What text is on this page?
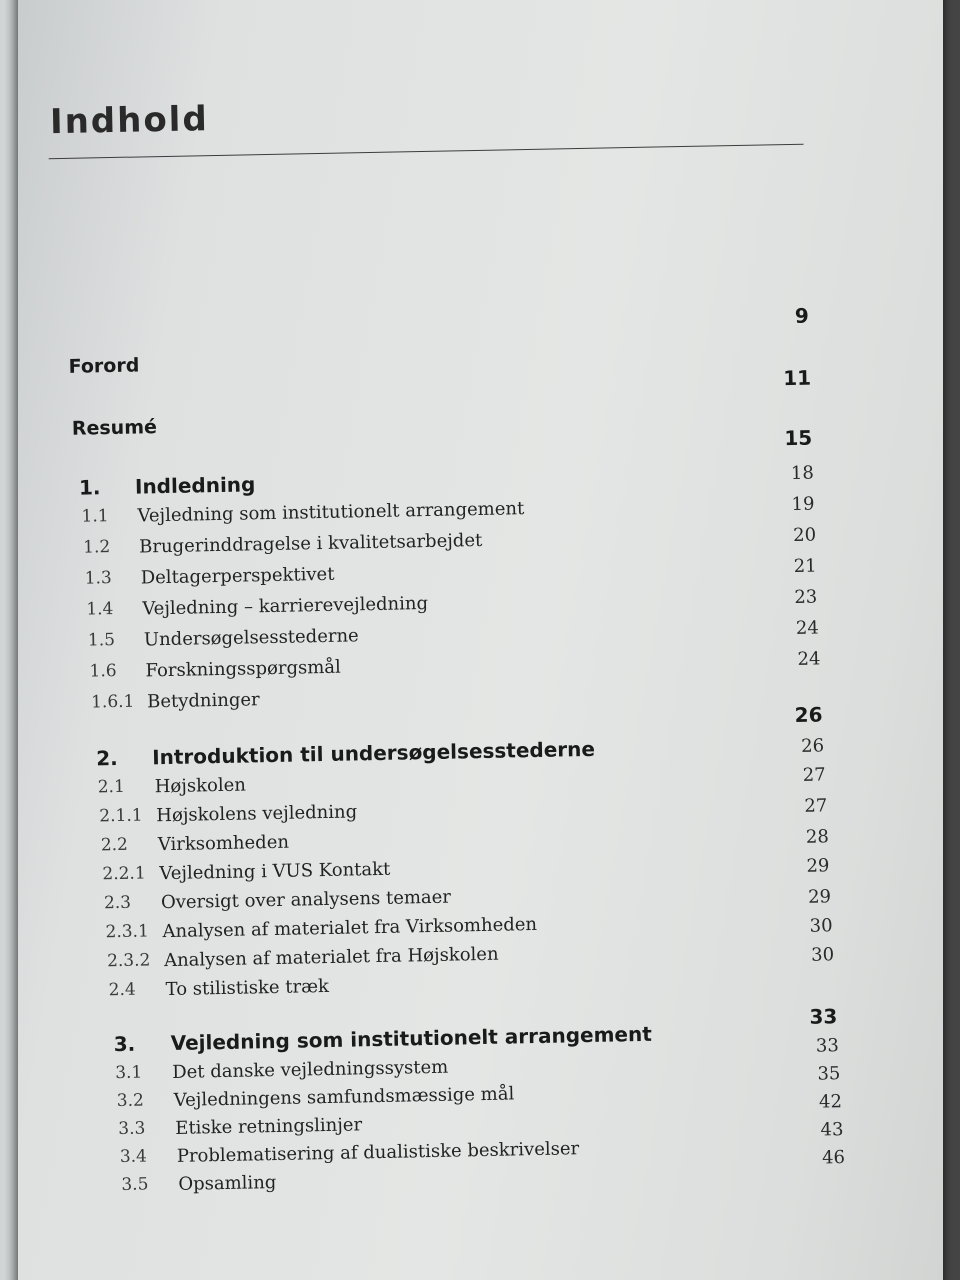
Indhold
Forord
9
Resumé
11
1. Indledning
15
1.1 Vejledning som institutionelt arrangement
18
1.2 Brugerinddragelse i kvalitetsarbejdet
19
1.3 Deltagerperspektivet
20
1.4 Vejledning – karrierevejledning
21
1.5 Undersøgelsesstederne
23
1.6 Forskningsspørgsmål
24
1.6.1 Betydninger
24
2. Introduktion til undersøgelsesstederne
26
2.1 Højskolen
26
2.1.1 Højskolens vejledning
27
2.2 Virksomheden
27
2.2.1 Vejledning i VUS Kontakt
28
2.3 Oversigt over analysens temaer
29
2.3.1 Analysen af materialet fra Virksomheden
29
2.3.2 Analysen af materialet fra Højskolen
30
2.4 To stilistiske træk
30
3. Vejledning som institutionelt arrangement
33
3.1 Det danske vejledningssystem
33
3.2 Vejledningens samfundsmæssige mål
35
3.3 Etiske retningslinjer
42
3.4 Problematisering af dualistiske beskrivelser
43
3.5 Opsamling
46
